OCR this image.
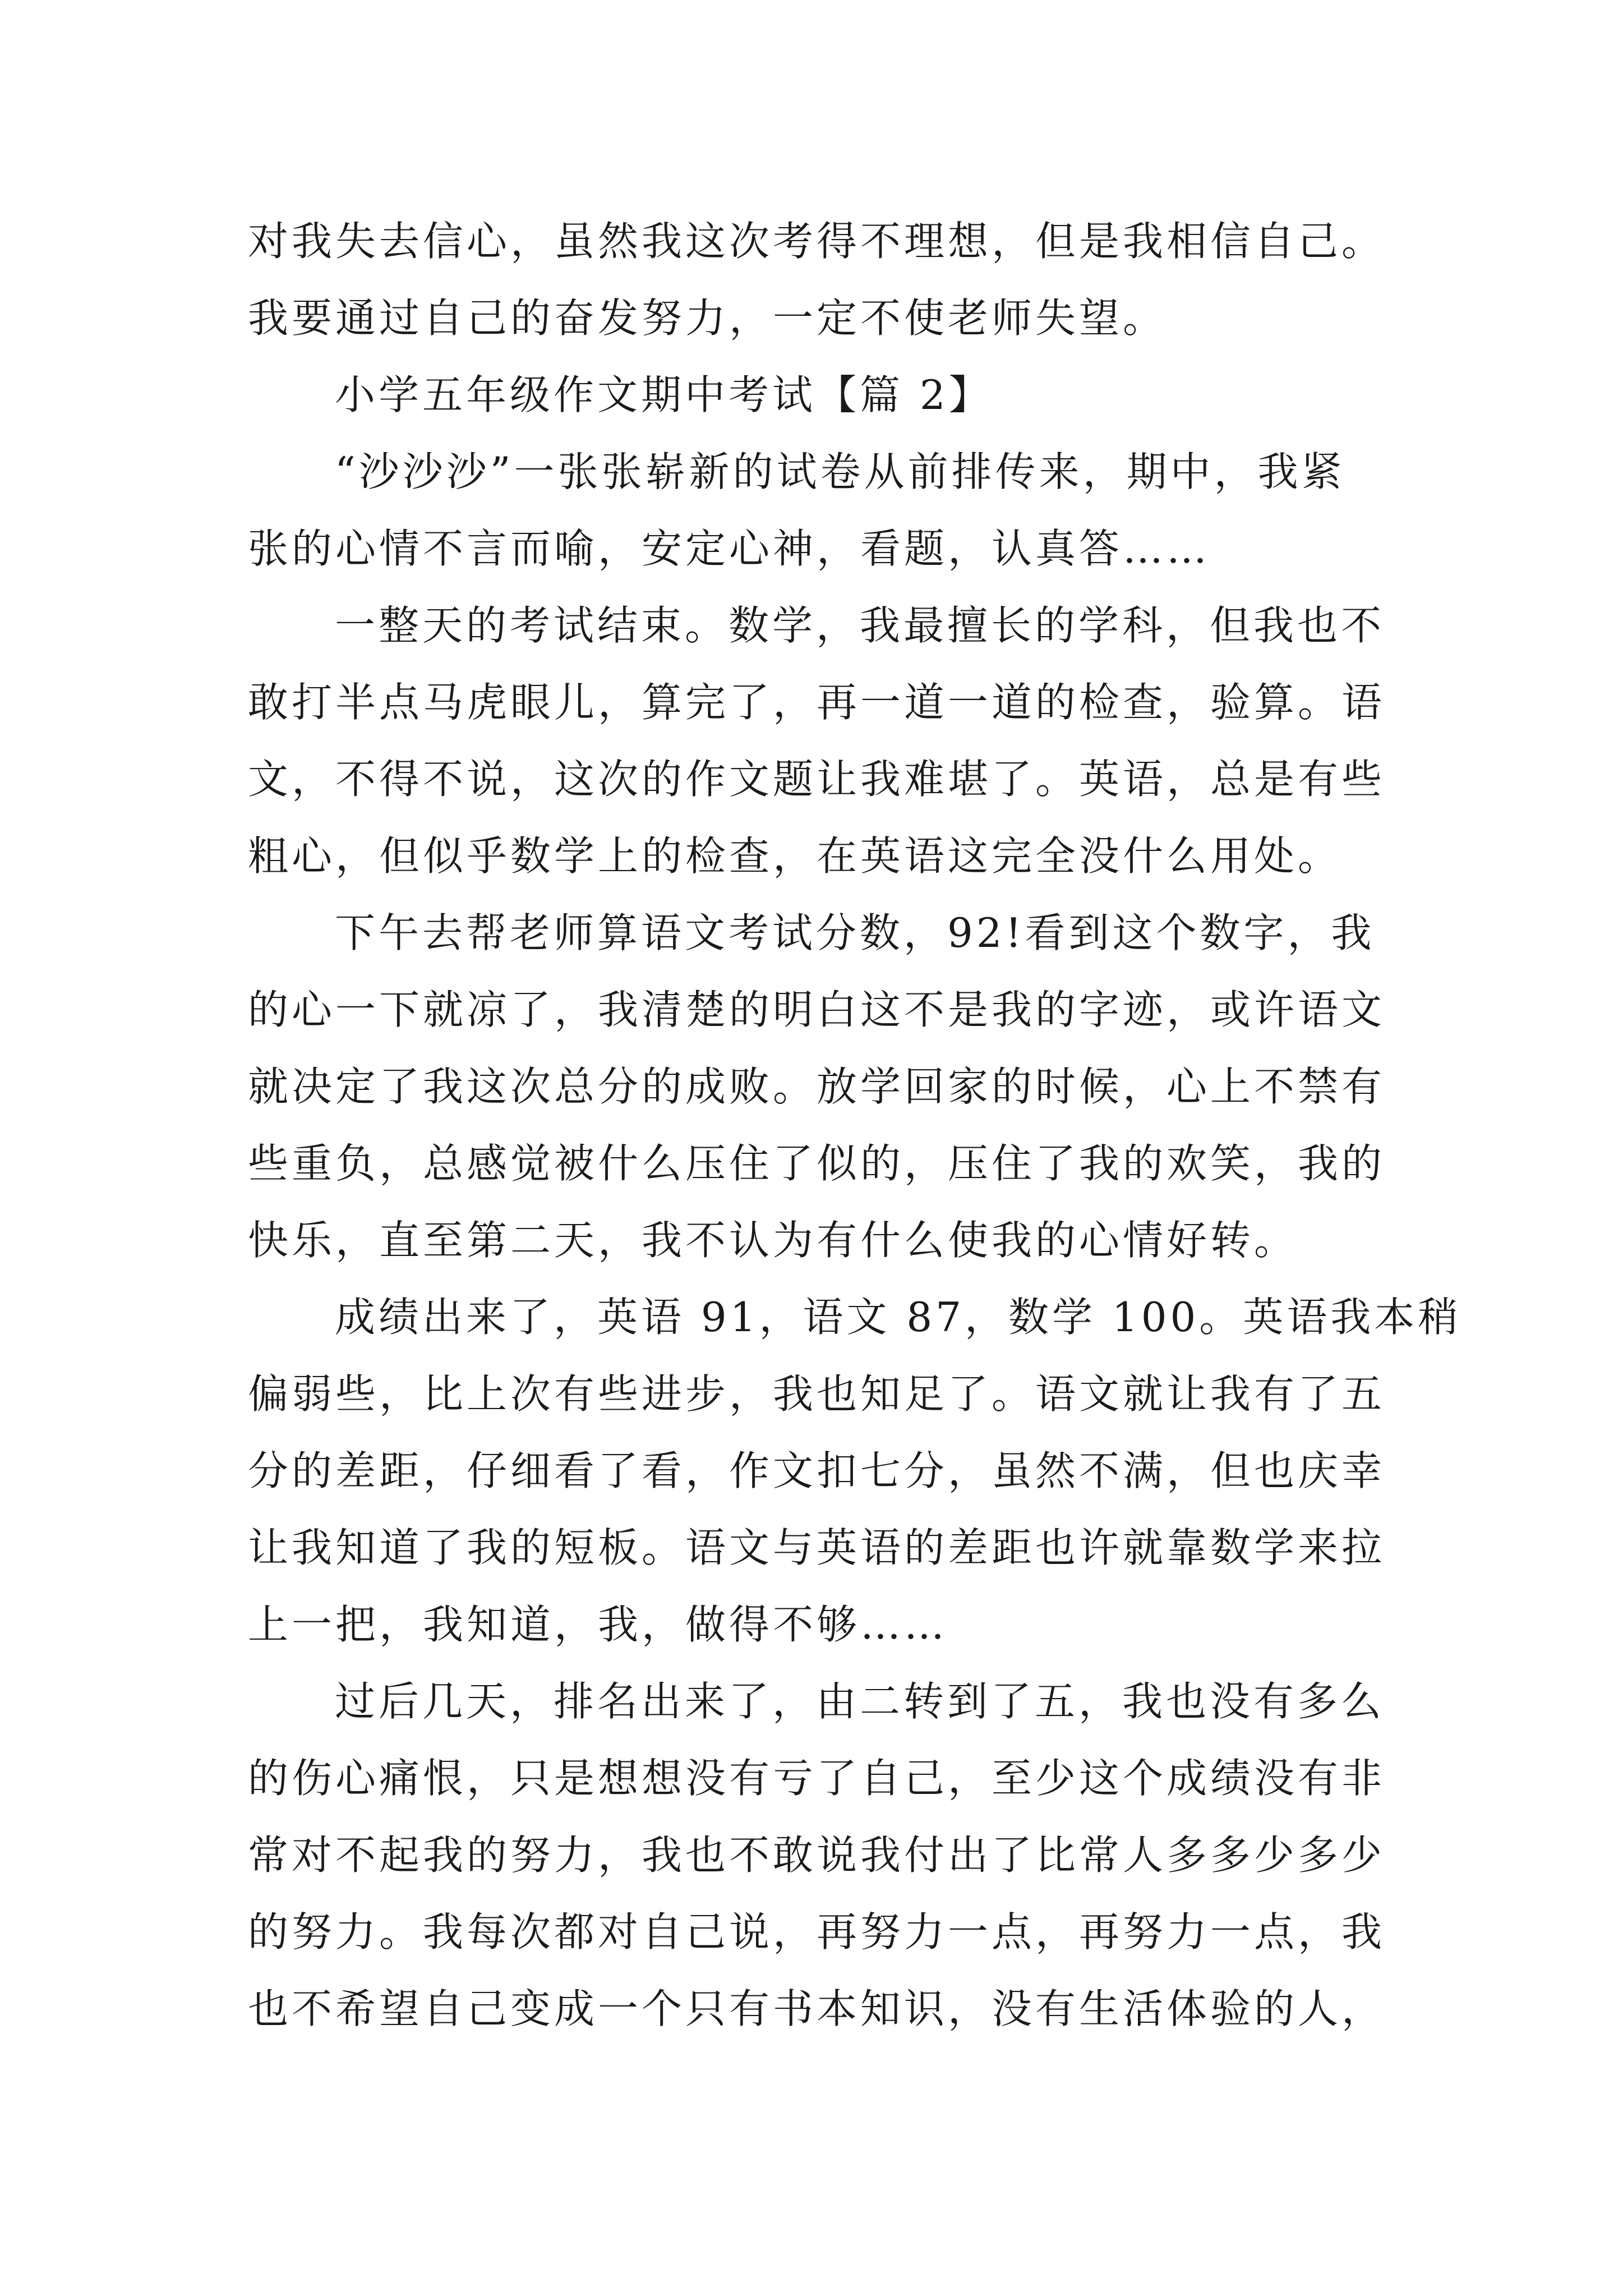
对我失去信心，虽然我这次考得不理想，但是我相信自己。
我要通过自己的奋发努力，一定不使老师失望。
小学五年级作文期中考试【篇 2】
“沙沙沙”一张张崭新的试卷从前排传来，期中，我紧
张的心情不言而喻，安定心神，看题，认真答……
一整天的考试结束。数学，我最擅长的学科，但我也不
敢打半点马虎眼儿，算完了，再一道一道的检查，验算。语
文，不得不说，这次的作文题让我难堪了。英语，总是有些
粗心，但似乎数学上的检查，在英语这完全没什么用处。
下午去帮老师算语文考试分数，92!看到这个数字，我
的心一下就凉了，我清楚的明白这不是我的字迹，或许语文
就决定了我这次总分的成败。放学回家的时候，心上不禁有
些重负，总感觉被什么压住了似的，压住了我的欢笑，我的
快乐，直至第二天，我不认为有什么使我的心情好转。
成绩出来了，英语 91，语文 87，数学 100。英语我本稍
偏弱些，比上次有些进步，我也知足了。语文就让我有了五
分的差距，仔细看了看，作文扣七分，虽然不满，但也庆幸
让我知道了我的短板。语文与英语的差距也许就靠数学来拉
上一把，我知道，我，做得不够……
过后几天，排名出来了，由二转到了五，我也没有多么
的伤心痛恨，只是想想没有亏了自己，至少这个成绩没有非
常对不起我的努力，我也不敢说我付出了比常人多多少多少
的努力。我每次都对自己说，再努力一点，再努力一点，我
也不希望自己变成一个只有书本知识，没有生活体验的人，
